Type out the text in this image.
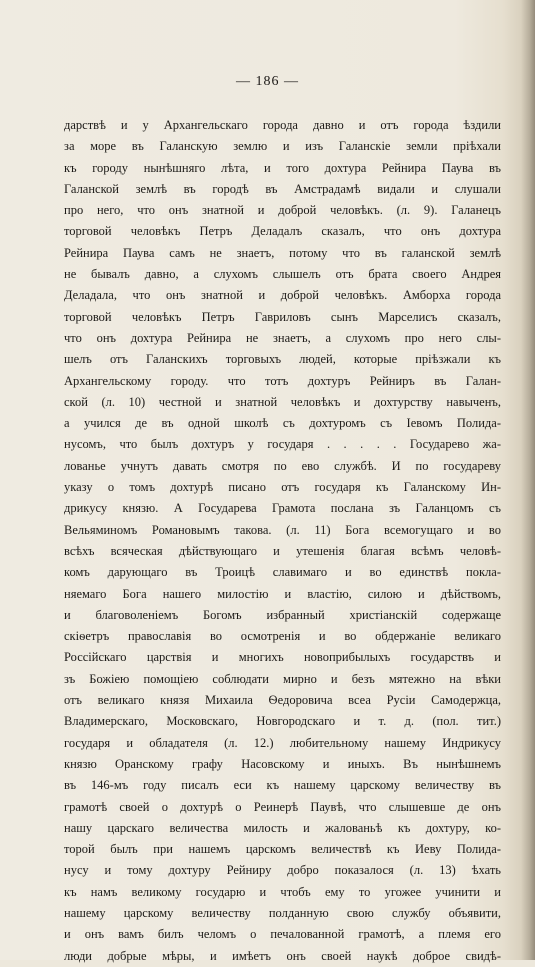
— 186 —
дарствѣ и у Архангельскаго города давно и отъ города ѣздили
за море въ Галанскую землю и изъ Галанскіе земли пріѣхали
къ городу нынѣшняго лѣта, и того дохтура Рейнира Паува въ
Галанской землѣ въ городѣ въ Амстрадамѣ видали и слушали
про него, что онъ знатной и доброй человѣкъ. (л. 9). Галанецъ
торговой человѣкъ Петръ Деладалъ сказалъ, что онъ дохтура
Рейнира Паува самъ не знаетъ, потому что въ галанской землѣ
не бывалъ давно, а слухомъ слышелъ отъ брата своего Андрея
Деладала, что онъ знатной и доброй человѣкъ. Амборха города
торговой человѣкъ Петръ Гавриловъ сынъ Марселисъ сказалъ,
что онъ дохтура Рейнира не знаетъ, а слухомъ про него слы-
шелъ отъ Галанскихъ торговыхъ людей, которые пріѣзжали къ
Архангельскому городу. что тотъ дохтуръ Рейниръ въ Галан-
ской (л. 10) честной и знатной человѣкъ и дохтурству навыченъ,
а учился де въ одной школѣ съ дохтуромъ съ Іевомъ Полида-
нусомъ, что былъ дохтуръ у государя . . . . . Государево жа-
лованье учнутъ давать смотря по ево службѣ. И по государеву
указу о томъ дохтурѣ писано отъ государя къ Галанскому Ин-
дрикусу князю. А Государева Грамота послана зъ Галанцомъ съ
Вельяминомъ Романовымъ такова. (л. 11) Бога всемогущаго и во
всѣхъ всяческая дѣйствующаго и утешенія благая всѣмъ человѣ-
комъ дарующаго въ Троицѣ славимаго и во единствѣ покла-
няемаго Бога нашего милостію и властію, силою и дѣйствомъ,
и благоволеніемъ Богомъ избранный христіанскій содержаще
скіѳетръ православія во осмотренія и во обдержаніе великаго
Россійскаго царствія и многихъ новоприбылыхъ государствъ и
зъ Божіею помощіею соблюдати мирно и безъ мятежно на вѣки
отъ великаго князя Михаила Ѳедоровича всеа Русіи Самодержца,
Владимерскаго, Московскаго, Новгородскаго и т. д. (пол. тит.)
государя и обладателя (л. 12.) любительному нашему Индрикусу
князю Оранскому графу Насовскому и иныхъ. Въ нынѣшнемъ
въ 146-мъ году писалъ еси къ нашему царскому величеству въ
грамотѣ своей о дохтурѣ о Реинерѣ Паувѣ, что слышевше де онъ
нашу царскаго величества милость и жалованьѣ къ дохтуру, ко-
торой былъ при нашемъ царскомъ величествѣ къ Иеву Полида-
нусу и тому дохтуру Рейниру добро показалося (л. 13) ѣхать
къ намъ великому государю и чтобъ ему то угожее учинити и
нашему царскому величеству полданную свою службу объявити,
и онъ вамъ билъ челомъ о печалованной грамотѣ, а племя его
люди добрые мѣры, и имѣетъ онъ своей наукѣ доброе свидѣ-
